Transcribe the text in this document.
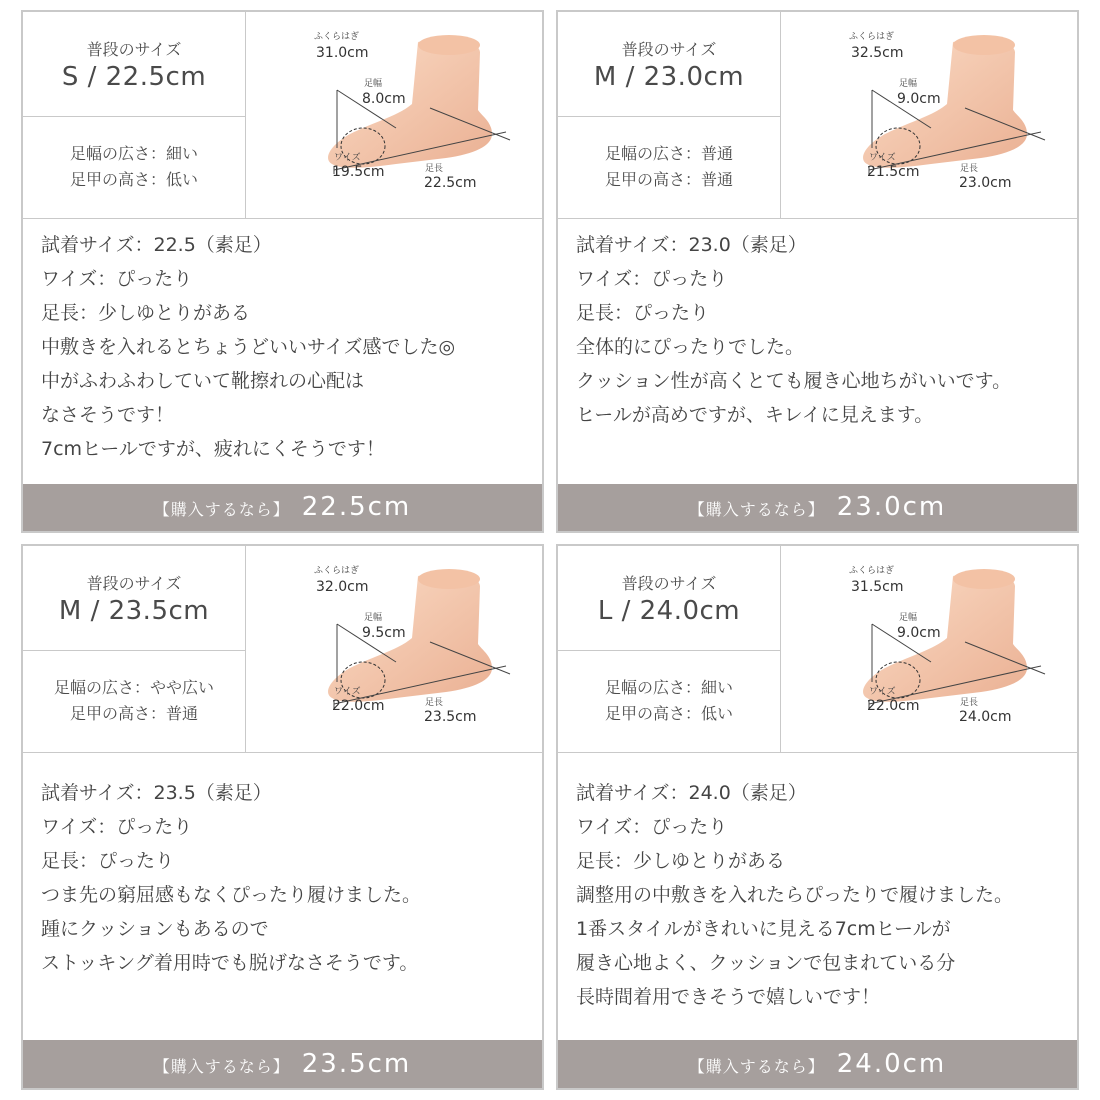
普段のサイズ
S / 22.5cm
足幅の広さ：細い
足甲の高さ：低い
ふくらはぎ
31.0cm
足幅
8.0cm
ワイズ
19.5cm	足長
22.5cm
試着サイズ：22.5（素足）
ワイズ：ぴったり
足長：少しゆとりがある
中敷きを入れるとちょうどいいサイズ感でした◎
中がふわふわしていて靴擦れの心配は
なさそうです！
7cmヒールですが、疲れにくそうです！
【購入するなら】 22.5cm
普段のサイズ
M / 23.0cm
足幅の広さ：普通
足甲の高さ：普通
ふくらはぎ
32.5cm
足幅
9.0cm
ワイズ
21.5cm	足長
23.0cm
試着サイズ：23.0（素足）
ワイズ：ぴったり
足長：ぴったり
全体的にぴったりでした。
クッション性が高くとても履き心地ちがいいです。
ヒールが高めですが、キレイに見えます。
【購入するなら】 23.0cm
普段のサイズ
M / 23.5cm
足幅の広さ：やや広い
足甲の高さ：普通
ふくらはぎ
32.0cm
足幅
9.5cm
ワイズ
22.0cm	足長
23.5cm
試着サイズ：23.5（素足）
ワイズ：ぴったり
足長：ぴったり
つま先の窮屈感もなくぴったり履けました。
踵にクッションもあるので
ストッキング着用時でも脱げなさそうです。
【購入するなら】 23.5cm
普段のサイズ
L / 24.0cm
足幅の広さ：細い
足甲の高さ：低い
ふくらはぎ
31.5cm
足幅
9.0cm
ワイズ
22.0cm	足長
24.0cm
試着サイズ：24.0（素足）
ワイズ：ぴったり
足長：少しゆとりがある
調整用の中敷きを入れたらぴったりで履けました。
1番スタイルがきれいに見える7cmヒールが
履き心地よく、クッションで包まれている分
長時間着用できそうで嬉しいです！
【購入するなら】 24.0cm
